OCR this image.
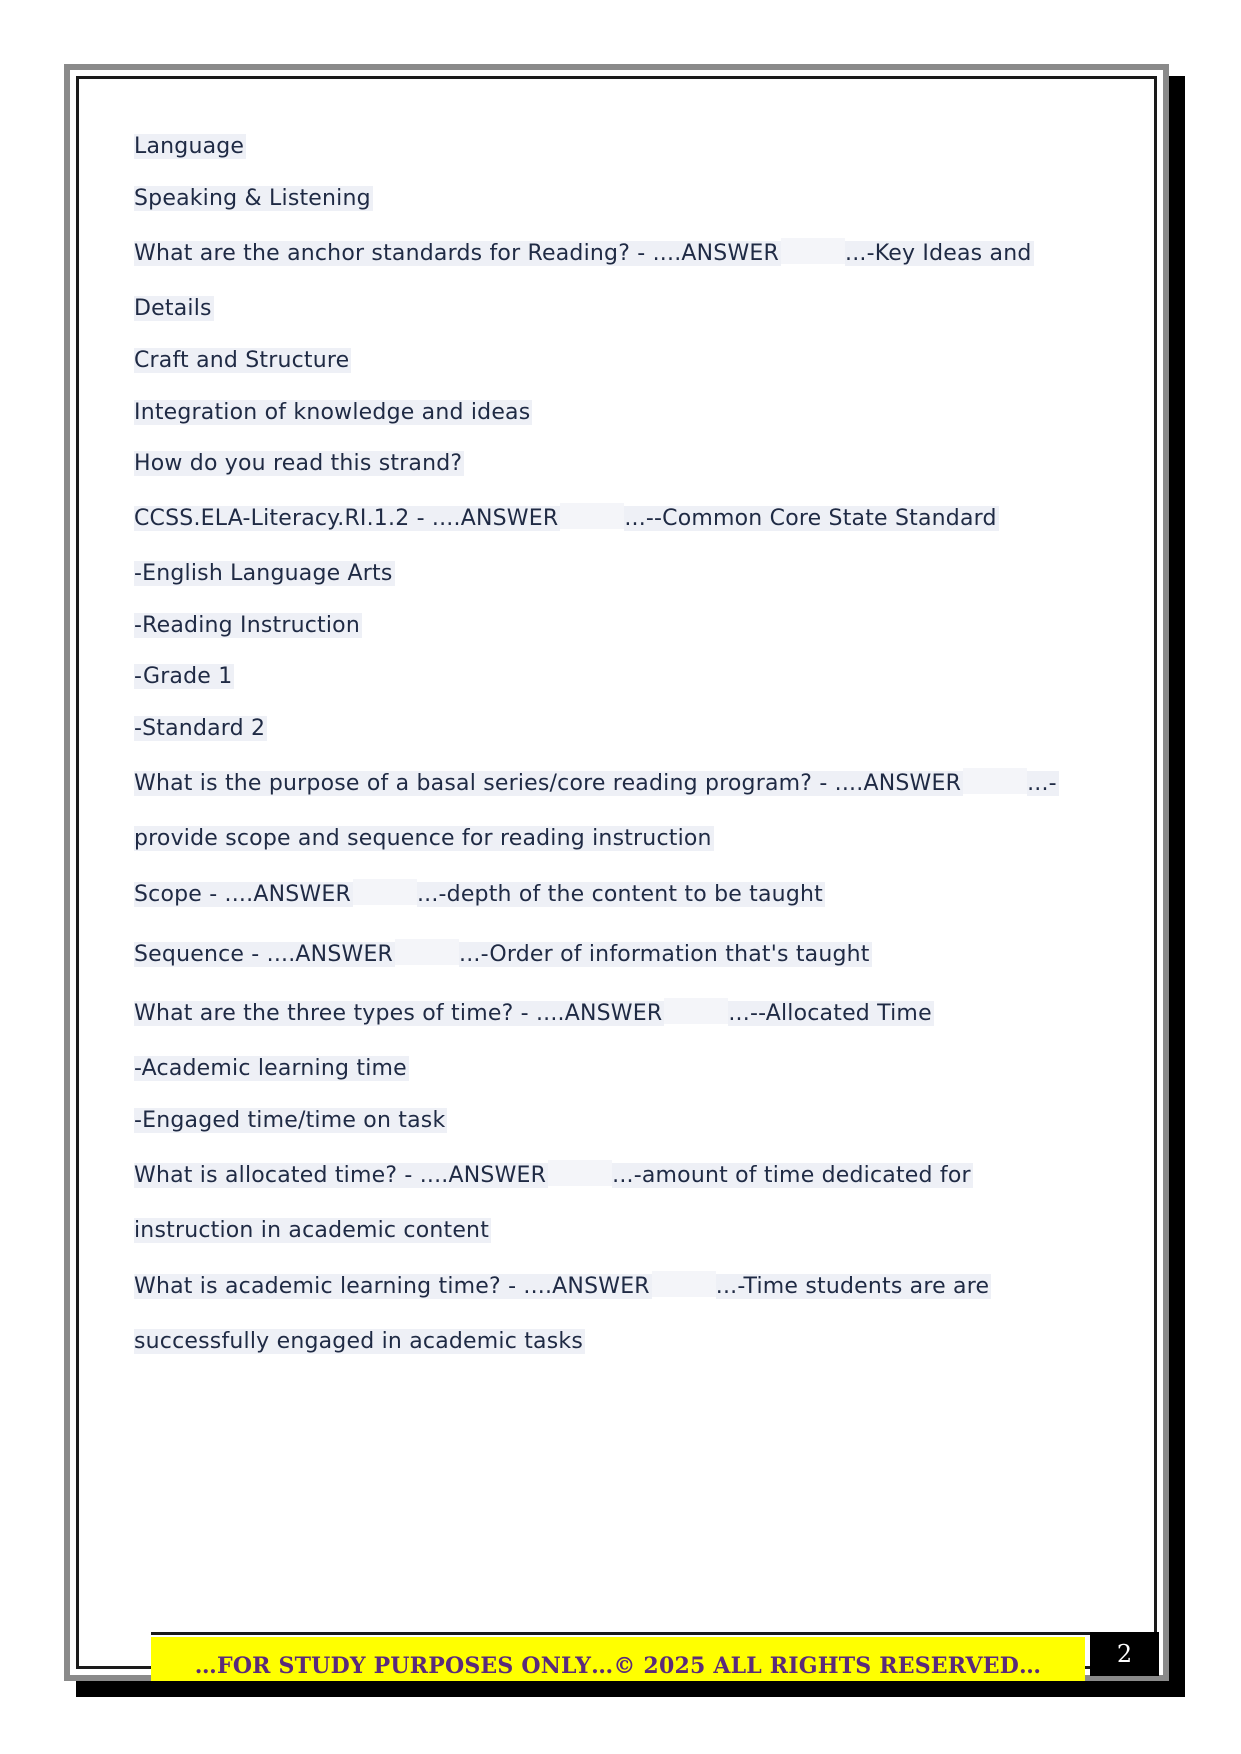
Language
Speaking & Listening
What are the anchor standards for Reading? - ....ANSWER	...-Key Ideas and
Details
Craft and Structure
Integration of knowledge and ideas
How do you read this strand?
CCSS.ELA-Literacy.RI.1.2 - ....ANSWER	...--Common Core State Standard
-English Language Arts
-Reading Instruction
-Grade 1
-Standard 2
What is the purpose of a basal series/core reading program? - ....ANSWER	...-
provide scope and sequence for reading instruction
Scope - ....ANSWER	...-depth of the content to be taught
Sequence - ....ANSWER	...-Order of information that's taught
What are the three types of time? - ....ANSWER	...--Allocated Time
-Academic learning time
-Engaged time/time on task
What is allocated time? - ....ANSWER	...-amount of time dedicated for
instruction in academic content
What is academic learning time? - ....ANSWER	...-Time students are are
successfully engaged in academic tasks
…FOR STUDY PURPOSES ONLY…© 2025 ALL RIGHTS RESERVED…	2
